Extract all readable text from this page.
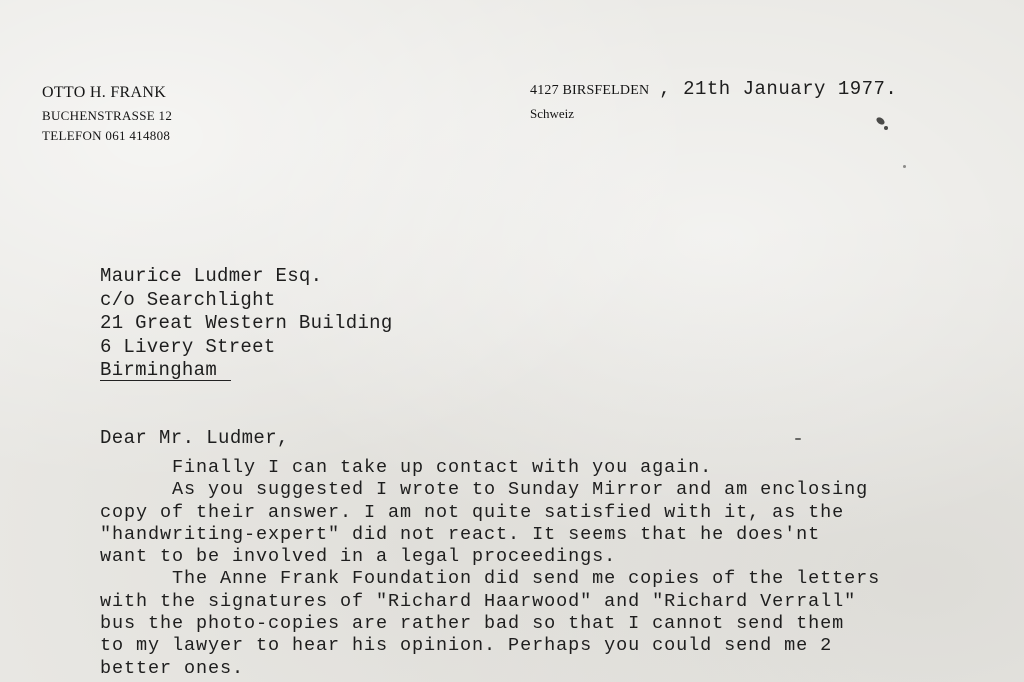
OTTO H. FRANK
BUCHENSTRASSE 12
TELEFON 061 414808
4127 BIRSFELDEN , 21th January 1977.
Schweiz
Maurice Ludmer Esq.
c/o Searchlight
21 Great Western Building
6 Livery Street
Birmingham
Dear Mr. Ludmer,
Finally I can take up contact with you again.
As you suggested I wrote to Sunday Mirror and am enclosing
copy of their answer. I am not quite satisfied with it, as the
"handwriting-expert" did not react. It seems that he does'nt
want to be involved in a legal proceedings.
The Anne Frank Foundation did send me copies of the letters
with the signatures of "Richard Haarwood" and "Richard Verrall"
bus the photo-copies are rather bad so that I cannot send them
to my lawyer to hear his opinion. Perhaps you could send me 2
better ones.
